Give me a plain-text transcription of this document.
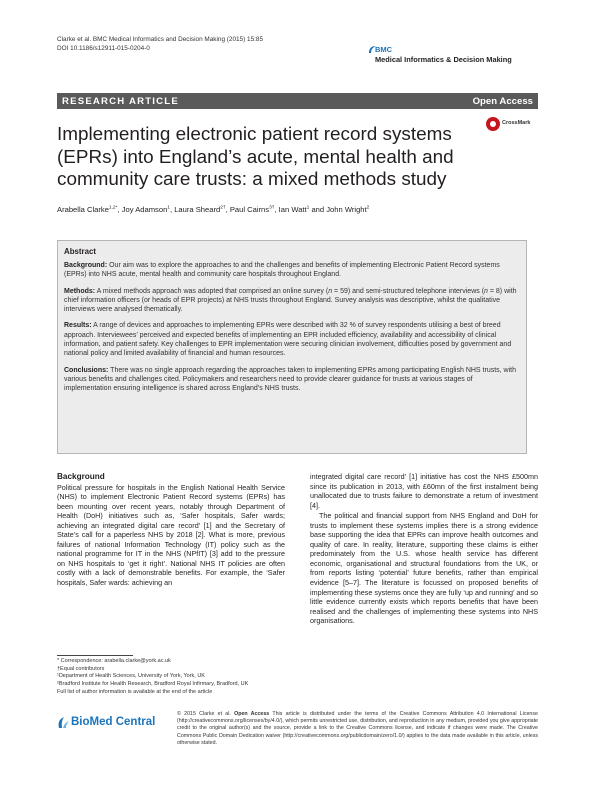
Clarke et al. BMC Medical Informatics and Decision Making (2015) 15:85
DOI 10.1186/s12911-015-0204-0	BMC
Medical Informatics & Decision Making
RESEARCH ARTICLE	Open Access
CrossMark
Implementing electronic patient record systems
(EPRs) into England’s acute, mental health and
community care trusts: a mixed methods study
Arabella Clarke$^{1,2*}$, Joy Adamson$^1$, Laura Sheard$^{2\dagger}$, Paul Cairns$^{3\dagger}$, Ian Watt$^1$ and John Wright$^2$
Abstract

Background: Our aim was to explore the approaches to and the challenges and benefits of implementing Electronic Patient Record systems (EPRs) into NHS acute, mental health and community care hospitals throughout England.

Methods: A mixed methods approach was adopted that comprised an online survey (n = 59) and semi-structured telephone interviews (n = 8) with chief information officers (or heads of EPR projects) at NHS trusts throughout England. Survey analysis was descriptive, whilst the qualitative interviews were analysed thematically.

Results: A range of devices and approaches to implementing EPRs were described with 32 % of survey respondents utilising a best of breed approach. Interviewees’ perceived and expected benefits of implementing an EPR included efficiency, availability and accessibility of clinical information, and patient safety. Key challenges to EPR implementation were securing clinician involvement, difficulties posed by government and national policy and limited availability of financial and human resources.

Conclusions: There was no single approach regarding the approaches taken to implementing EPRs among participating English NHS trusts, with various benefits and challenges cited. Policymakers and researchers need to provide clearer guidance for trusts at various stages of implementation ensuring intelligence is shared across England’s NHS trusts.

Background

Political pressure for hospitals in the English National Health Service (NHS) to implement Electronic Patient Record systems (EPRs) has been mounting over recent years, notably through Department of Health (DoH) initiatives such as, ‘Safer hospitals, Safer wards; achieving an integrated digital care record’ [1] and the Secretary of State’s call for a paperless NHS by 2018 [2]. What is more, previous failures of national Information Technology (IT) policy such as the national programme for IT in the NHS (NPfIT) [3] add to the pressure on NHS hospitals to ‘get it right’. National NHS IT policies are often costly with a lack of demonstrable benefits. For example, the ‘Safer hospitals, Safer wards: achieving an

integrated digital care record’ [1] initiative has cost the NHS £500mn since its publication in 2013, with £60mn of the first instalment being unallocated due to trusts failure to demonstrate a return of investment [4].

The political and financial support from NHS England and DoH for trusts to implement these systems implies there is a strong evidence base supporting the idea that EPRs can improve health outcomes and quality of care. In reality, literature, supporting these claims is either predominately from the U.S. whose health service has different economic, organisational and structural foundations from the UK, or from reports listing ‘potential’ future benefits, rather than empirical evidence [5–7]. The literature is focussed on proposed benefits of implementing these systems once they are fully ‘up and running’ and so little evidence currently exists which reports benefits that have been realised and the challenges of implementing these systems into NHS organisations.

* Correspondence: arabella.clarke@york.ac.uk

†Equal contributors

¹Department of Health Sciences, University of York, York, UK

²Bradford Institute for Health Research, Bradford Royal Infirmary, Bradford, UK

Full list of author information is available at the end of the article

BioMed Central
© 2015 Clarke et al. Open Access This article is distributed under the terms of the Creative Commons Attribution 4.0 International License (http://creativecommons.org/licenses/by/4.0/), which permits unrestricted use, distribution, and reproduction in any medium, provided you give appropriate credit to the original author(s) and the source, provide a link to the Creative Commons license, and indicate if changes were made. The Creative Commons Public Domain Dedication waiver (http://creativecommons.org/publicdomain/zero/1.0/) applies to the data made available in this article, unless otherwise stated.
